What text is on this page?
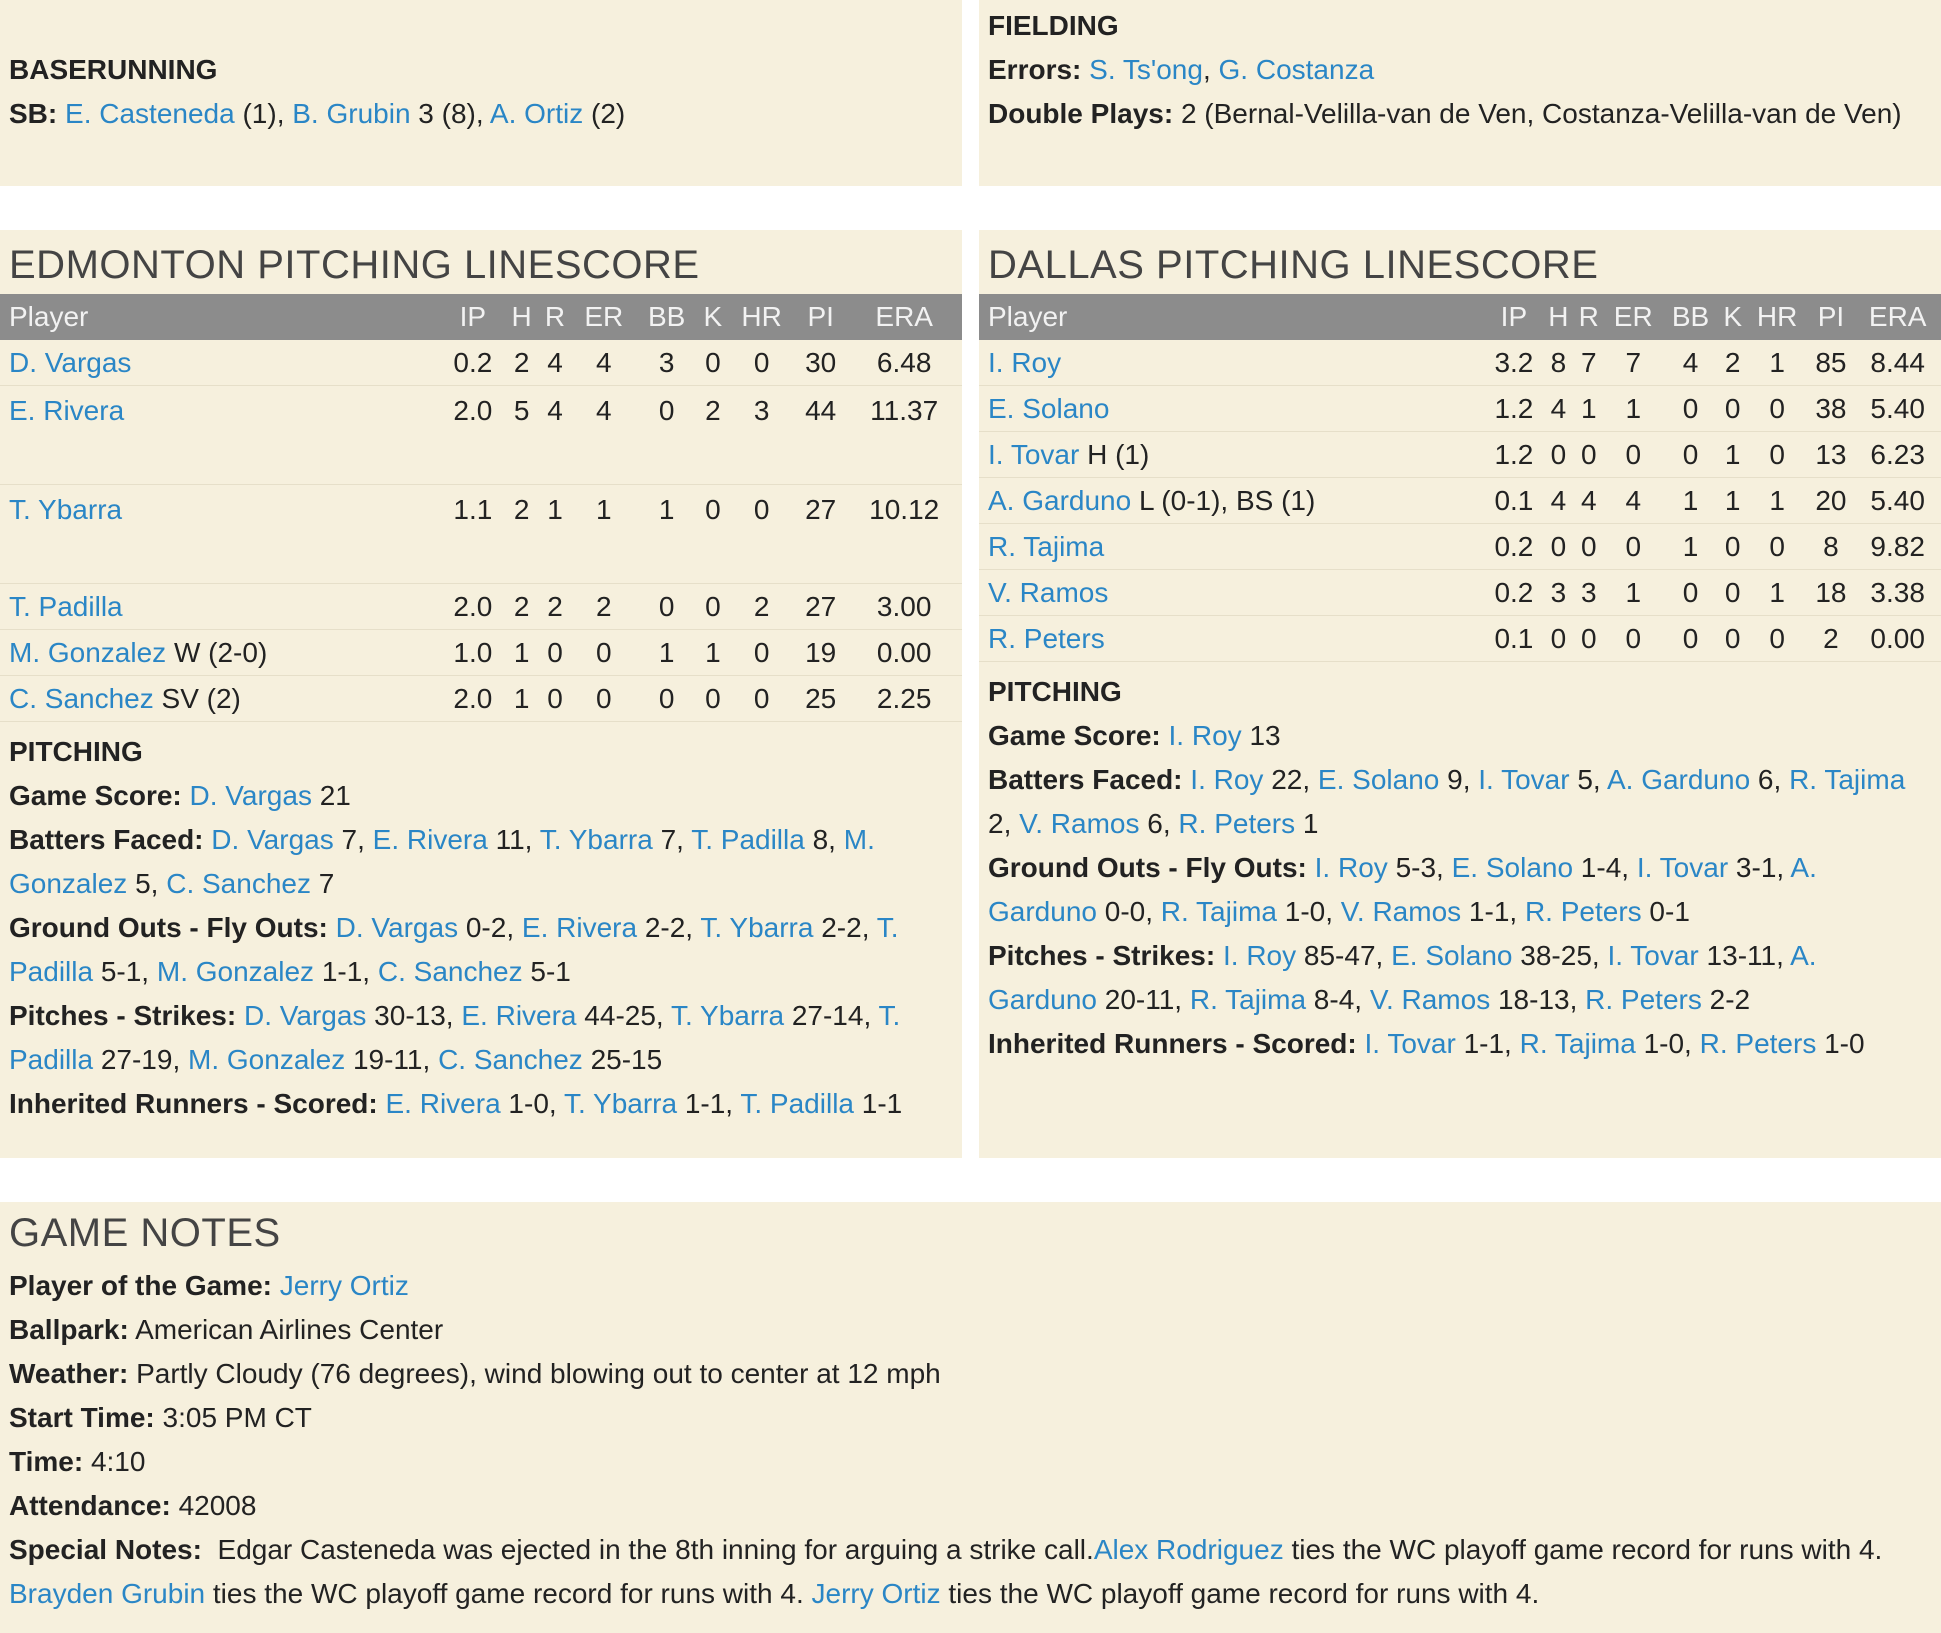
BASERUNNING
SB: E. Casteneda (1), B. Grubin 3 (8), A. Ortiz (2)
FIELDING
Errors: S. Ts'ong, G. Costanza
Double Plays: 2 (Bernal-Velilla-van de Ven, Costanza-Velilla-van de Ven)
EDMONTON PITCHING LINESCORE
Player	IP	H	R	ER	BB	K	HR	PI	ERA
D. Vargas	0.2	2	4	4	3	0	0	30	6.48
E. Rivera	2.0	5	4	4	0	2	3	44	11.37
T. Ybarra	1.1	2	1	1	1	0	0	27	10.12
T. Padilla	2.0	2	2	2	0	0	2	27	3.00
M. Gonzalez W (2-0)	1.0	1	0	0	1	1	0	19	0.00
C. Sanchez SV (2)	2.0	1	0	0	0	0	0	25	2.25
PITCHING
Game Score: D. Vargas 21
Batters Faced: D. Vargas 7, E. Rivera 11, T. Ybarra 7, T. Padilla 8, M. Gonzalez 5, C. Sanchez 7
Ground Outs - Fly Outs: D. Vargas 0-2, E. Rivera 2-2, T. Ybarra 2-2, T. Padilla 5-1, M. Gonzalez 1-1, C. Sanchez 5-1
Pitches - Strikes: D. Vargas 30-13, E. Rivera 44-25, T. Ybarra 27-14, T. Padilla 27-19, M. Gonzalez 19-11, C. Sanchez 25-15
Inherited Runners - Scored: E. Rivera 1-0, T. Ybarra 1-1, T. Padilla 1-1
DALLAS PITCHING LINESCORE
Player	IP	H	R	ER	BB	K	HR	PI	ERA
I. Roy	3.2	8	7	7	4	2	1	85	8.44
E. Solano	1.2	4	1	1	0	0	0	38	5.40
I. Tovar H (1)	1.2	0	0	0	0	1	0	13	6.23
A. Garduno L (0-1), BS (1)	0.1	4	4	4	1	1	1	20	5.40
R. Tajima	0.2	0	0	0	1	0	0	8	9.82
V. Ramos	0.2	3	3	1	0	0	1	18	3.38
R. Peters	0.1	0	0	0	0	0	0	2	0.00
PITCHING
Game Score: I. Roy 13
Batters Faced: I. Roy 22, E. Solano 9, I. Tovar 5, A. Garduno 6, R. Tajima 2, V. Ramos 6, R. Peters 1
Ground Outs - Fly Outs: I. Roy 5-3, E. Solano 1-4, I. Tovar 3-1, A. Garduno 0-0, R. Tajima 1-0, V. Ramos 1-1, R. Peters 0-1
Pitches - Strikes: I. Roy 85-47, E. Solano 38-25, I. Tovar 13-11, A. Garduno 20-11, R. Tajima 8-4, V. Ramos 18-13, R. Peters 2-2
Inherited Runners - Scored: I. Tovar 1-1, R. Tajima 1-0, R. Peters 1-0
GAME NOTES
Player of the Game: Jerry Ortiz
Ballpark: American Airlines Center
Weather: Partly Cloudy (76 degrees), wind blowing out to center at 12 mph
Start Time: 3:05 PM CT
Time: 4:10
Attendance: 42008
Special Notes:  Edgar Casteneda was ejected in the 8th inning for arguing a strike call.Alex Rodriguez ties the WC playoff game record for runs with 4. Brayden Grubin ties the WC playoff game record for runs with 4. Jerry Ortiz ties the WC playoff game record for runs with 4.
